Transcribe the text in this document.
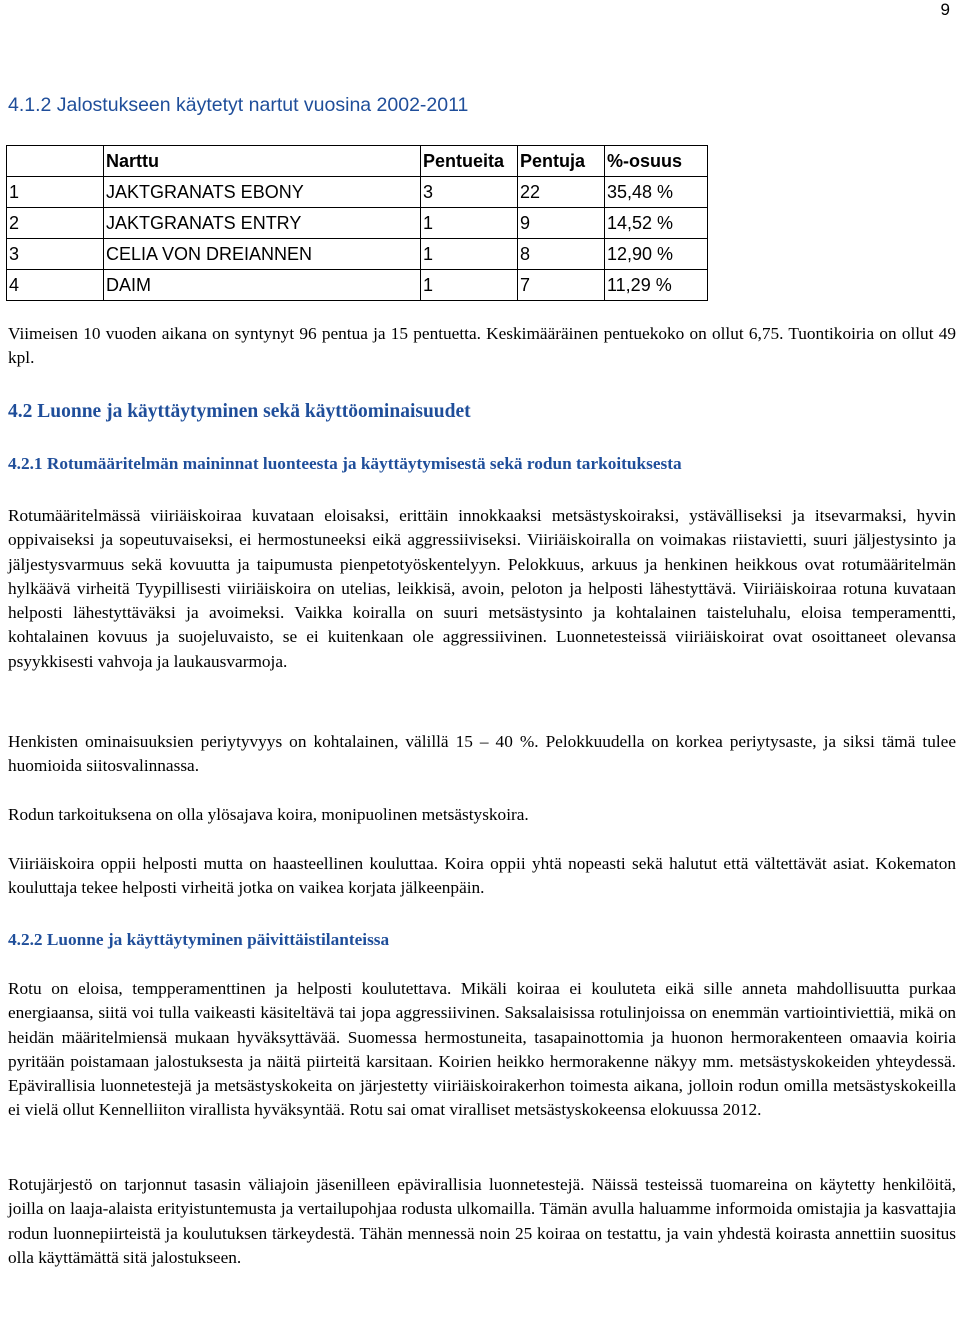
9
4.1.2 Jalostukseen käytetyt nartut vuosina 2002-2011
	Narttu	Pentueita	Pentuja	%-osuus
1	JAKTGRANATS EBONY	3	22	35,48 %
2	JAKTGRANATS ENTRY	1	9	14,52 %
3	CELIA VON DREIANNEN	1	8	12,90 %
4	DAIM	1	7	11,29 %

Viimeisen 10 vuoden aikana on syntynyt 96 pentua ja 15 pentuetta. Keskimääräinen pentuekoko on ollut 6,75. Tuontikoiria on ollut 49 kpl.

4.2 Luonne ja käyttäytyminen sekä käyttöominaisuudet
4.2.1 Rotumääritelmän maininnat luonteesta ja käyttäytymisestä sekä rodun tarkoituksesta

Rotumääritelmässä viiriäiskoiraa kuvataan eloisaksi, erittäin innokkaaksi metsästyskoiraksi, ystävälliseksi ja itsevarmaksi, hyvin oppivaiseksi ja sopeutuvaiseksi, ei hermostuneeksi eikä aggressiiviseksi. Viiriäiskoiralla on voimakas riistavietti, suuri jäljestysinto ja jäljestysvarmuus sekä kovuutta ja taipumusta pienpetotyöskentelyyn. Pelokkuus, arkuus ja henkinen heikkous ovat rotumääritelmän hylkäävä virheitä Tyypillisesti viiriäiskoira on utelias, leikkisä, avoin, peloton ja helposti lähestyttävä. Viiriäiskoiraa rotuna kuvataan helposti lähestyttäväksi ja avoimeksi. Vaikka koiralla on suuri metsästysinto ja kohtalainen taisteluhalu, eloisa temperamentti, kohtalainen kovuus ja suojeluvaisto, se ei kuitenkaan ole aggressiivinen. Luonnetesteissä viiriäiskoirat ovat osoittaneet olevansa psyykkisesti vahvoja ja laukausvarmoja.

Henkisten ominaisuuksien periytyvyys on kohtalainen, välillä 15 – 40 %. Pelokkuudella on korkea periytysaste, ja siksi tämä tulee huomioida siitosvalinnassa.

Rodun tarkoituksena on olla ylösajava koira, monipuolinen metsästyskoira.

Viiriäiskoira oppii helposti mutta on haasteellinen kouluttaa. Koira oppii yhtä nopeasti sekä halutut että vältettävät asiat. Kokematon kouluttaja tekee helposti virheitä jotka on vaikea korjata jälkeenpäin.

4.2.2 Luonne ja käyttäytyminen päivittäistilanteissa

Rotu on eloisa, tempperamenttinen ja helposti koulutettava. Mikäli koiraa ei kouluteta eikä sille anneta mahdollisuutta purkaa energiaansa, siitä voi tulla vaikeasti käsiteltävä tai jopa aggressiivinen. Saksalaisissa rotulinjoissa on enemmän vartiointiviettiä, mikä on heidän määritelmiensä mukaan hyväksyttävää. Suomessa hermostuneita, tasapainottomia ja huonon hermorakenteen omaavia koiria pyritään poistamaan jalostuksesta ja näitä piirteitä karsitaan. Koirien heikko hermorakenne näkyy mm. metsästyskokeiden yhteydessä. Epävirallisia luonnetestejä ja metsästyskokeita on järjestetty viiriäiskoirakerhon toimesta aikana, jolloin rodun omilla metsästyskokeilla ei vielä ollut Kennelliiton virallista hyväksyntää. Rotu sai omat viralliset metsästyskokeensa elokuussa 2012.

Rotujärjestö on tarjonnut tasasin väliajoin jäsenilleen epävirallisia luonnetestejä. Näissä testeissä tuomareina on käytetty henkilöitä, joilla on laaja-alaista erityistuntemusta ja vertailupohjaa rodusta ulkomailla. Tämän avulla haluamme informoida omistajia ja kasvattajia rodun luonnepiirteistä ja koulutuksen tärkeydestä. Tähän mennessä noin 25 koiraa on testattu, ja vain yhdestä koirasta annettiin suositus olla käyttämättä sitä jalostukseen.
